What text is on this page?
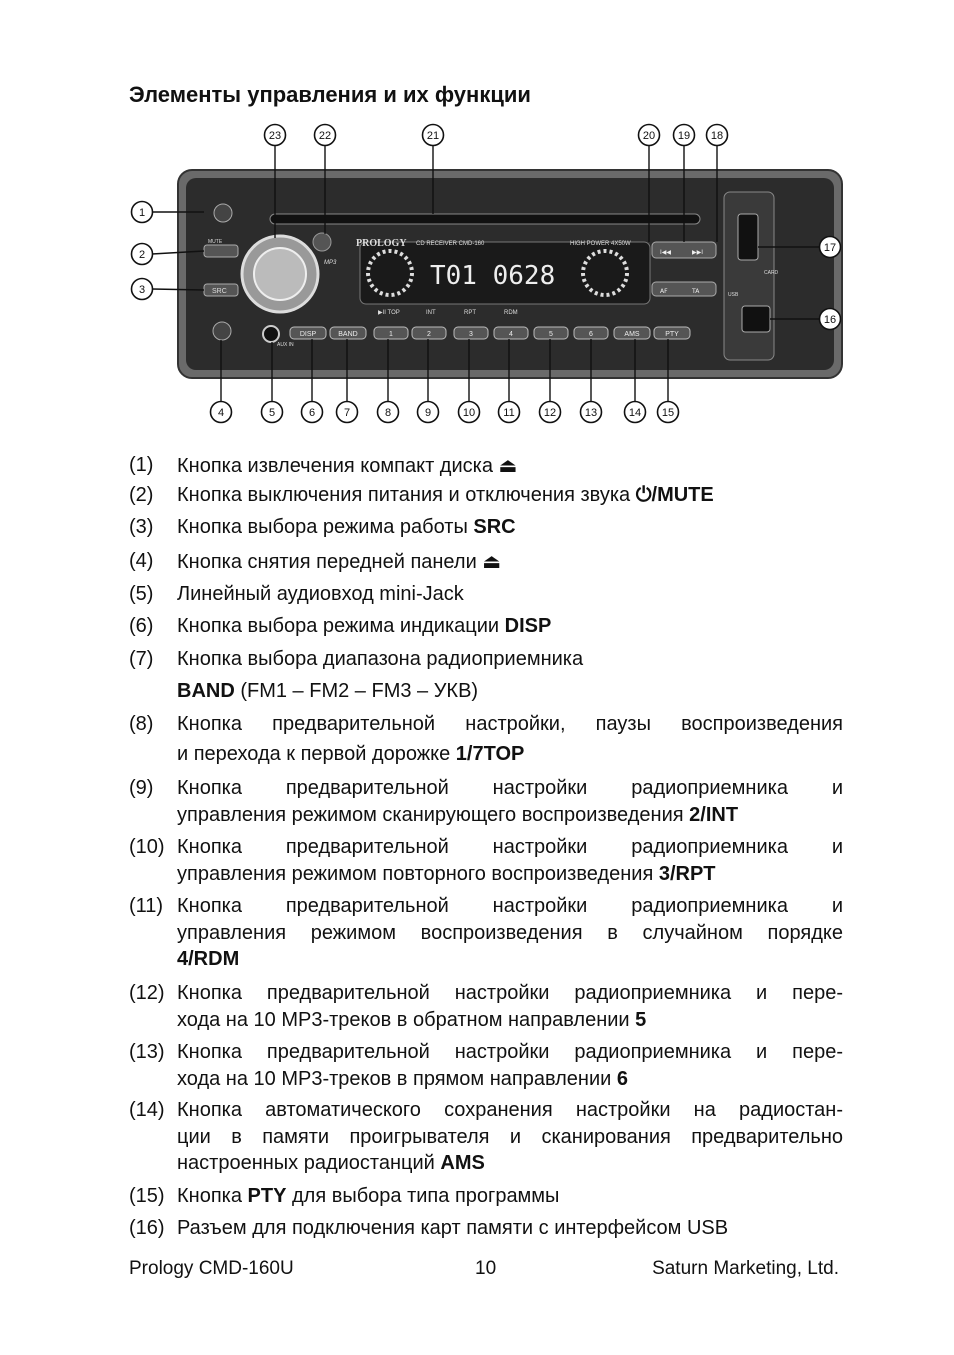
Элементы управления и их функции
PROLOGY CD RECEIVER CMD-160	HIGH POWER 4X50W
T01 0628
MUTE
SRC
MP3
AUX IN
USB
CARD
▶II TOP	INT	RPT	RDM
DISP	BAND	1	2	3	4	5	6	AMS	PTY
I◀◀	▶▶I
AF	TA
23	22	21	20 19 18
1
2
3
17
16
4	5	6	7	8	9	10	11	12	13	14 15
(1) Кнопка извлечения компакт диска ⏏
(2) Кнопка выключения питания и отключения звука ⏻/MUTE
(3) Кнопка выбора режима работы SRC
(4) Кнопка снятия передней панели ⏏
(5) Линейный аудиовход mini-Jack
(6) Кнопка выбора режима индикации DISP
(7) Кнопка выбора диапазона радиоприемника
BAND (FM1 – FM2 – FM3 – УКВ)
(8) Кнопка предварительной настройки, паузы воспроизведения
и перехода к первой дорожке 1/7TOP
(9) Кнопка предварительной настройки радиоприемника и
управления режимом сканирующего воспроизведения 2/INT
(10) Кнопка предварительной настройки радиоприемника и
управления режимом повторного воспроизведения 3/RPT
(11) Кнопка предварительной настройки радиоприемника и
управления режимом воспроизведения в случайном порядке
4/RDM
(12) Кнопка предварительной настройки радиоприемника и пере-
хода на 10 MP3-треков в обратном направлении 5
(13) Кнопка предварительной настройки радиоприемника и пере-
хода на 10 MP3-треков в прямом направлении 6
(14) Кнопка автоматического сохранения настройки на радиостан-
ции в памяти проигрывателя и сканирования предварительно
настроенных радиостанций AMS
(15) Кнопка PTY для выбора типа программы
(16) Разъем для подключения карт памяти с интерфейсом USB
Prology CMD-160U	10	Saturn Marketing, Ltd.
